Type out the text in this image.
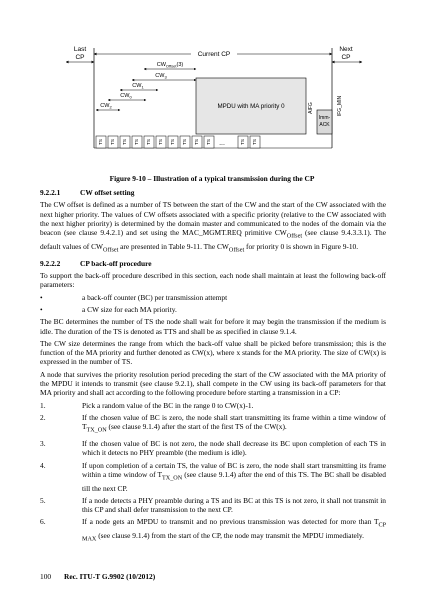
Last
CP	Current CP
Next
CP
$CW_{Offset}(3)$
$CW_3$
$CW_1$
$CW_0$
$CW_2$	MPDU with MA priority 0	AIFG
Imm-
ACK
IFG_MIN
TS TS TS TS TS TS TS TS TS TS ...	TS TS
Figure 9-10 – Illustration of a typical transmission during the CP
9.2.2.1	CW offset setting

The CW offset is defined as a number of TS between the start of the CW and the start of the CW associated with the next higher priority. The values of CW offsets associated with a specific priority (relative to the CW associated with the next higher priority) is determined by the domain master and communicated to the nodes of the domain via the beacon (see clause 9.4.2.1) and set using the MAC_MGMT.REQ primitive $CW_{Offset}$ (see clause 9.4.3.3.1). The default values of $CW_{Offset}$ are presented in Table 9-11. The $CW_{Offset}$ for priority 0 is shown in Figure 9-10.

9.2.2.2	CP back-off procedure

To support the back-off procedure described in this section, each node shall maintain at least the following back-off parameters:

•	a back-off counter (BC) per transmission attempt
•	a CW size for each MA priority.

The BC determines the number of TS the node shall wait for before it may begin the transmission if the medium is idle. The duration of the TS is denoted as TTS and shall be as specified in clause 9.1.4.

The CW size determines the range from which the back-off value shall be picked before transmission; this is the function of the MA priority and further denoted as CW(x), where x stands for the MA priority. The size of CW(x) is expressed in the number of TS.

A node that survives the priority resolution period preceding the start of the CW associated with the MA priority of the MPDU it intends to transmit (see clause 9.2.1), shall compete in the CW using its back-off parameters for that MA priority and shall act according to the following procedure before starting a transmission in a CP:

1.	Pick a random value of the BC in the range 0 to CW(x)-1.
2.	If the chosen value of BC is zero, the node shall start transmitting its frame within a time window of $T_{TX\_ON}$ (see clause 9.1.4) after the start of the first TS of the CW(x).
3.	If the chosen value of BC is not zero, the node shall decrease its BC upon completion of each TS in which it detects no PHY preamble (the medium is idle).
4.	If upon completion of a certain TS, the value of BC is zero, the node shall start transmitting its frame within a time window of $T_{TX\_ON}$ (see clause 9.1.4) after the end of this TS. The BC shall be disabled till the next CP.
5.	If a node detects a PHY preamble during a TS and its BC at this TS is not zero, it shall not transmit in this CP and shall defer transmission to the next CP.
6.	If a node gets an MPDU to transmit and no previous transmission was detected for more than $T_{CP MAX}$ (see clause 9.1.4) from the start of the CP, the node may transmit the MPDU immediately.
100 Rec. ITU-T G.9902 (10/2012)
